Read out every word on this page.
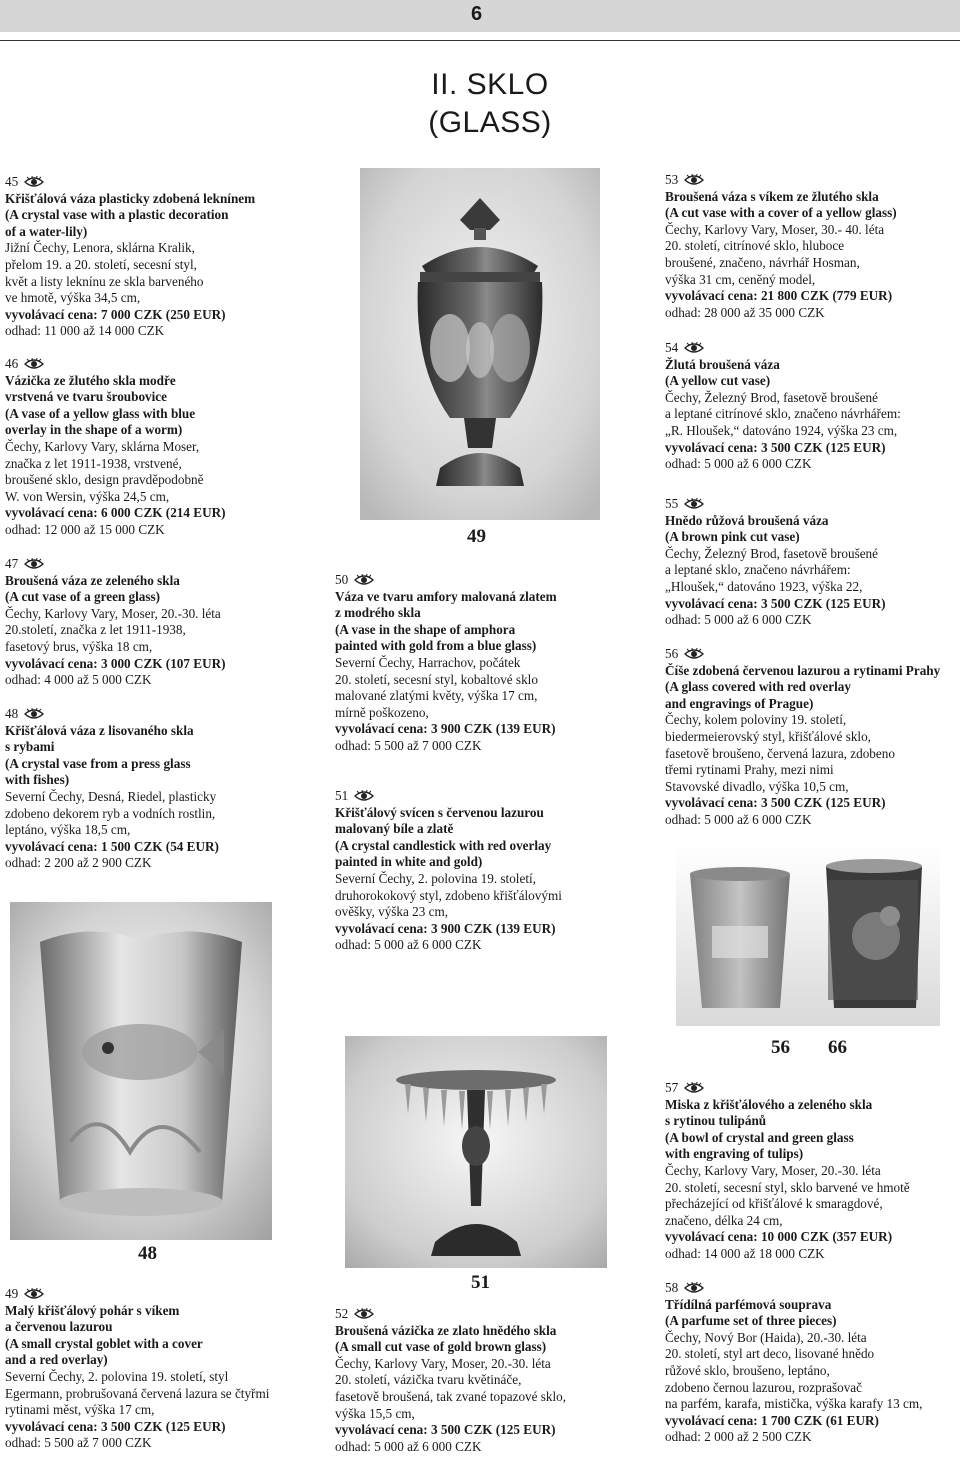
6
II. SKLO
(GLASS)
49
56 66
48
51
45
Křišťálová váza plasticky zdobená leknínem
(A crystal vase with a plastic decoration
of a water-lily)
Jižní Čechy, Lenora, sklárna Kralik,
přelom 19. a 20. století, secesní styl,
květ a listy leknínu ze skla barveného
ve hmotě, výška 34,5 cm,
vyvolávací cena: 7 000 CZK (250 EUR)
odhad: 11 000 až 14 000 CZK
46
Vázička ze žlutého skla modře
vrstvená ve tvaru šroubovice
(A vase of a yellow glass with blue
overlay in the shape of a worm)
Čechy, Karlovy Vary, sklárna Moser,
značka z let 1911-1938, vrstvené,
broušené sklo, design pravděpodobně
W. von Wersin, výška 24,5 cm,
vyvolávací cena: 6 000 CZK (214 EUR)
odhad: 12 000 až 15 000 CZK
47
Broušená váza ze zeleného skla
(A cut vase of a green glass)
Čechy, Karlovy Vary, Moser, 20.-30. léta
20.století, značka z let 1911-1938,
fasetový brus, výška 18 cm,
vyvolávací cena: 3 000 CZK (107 EUR)
odhad: 4 000 až 5 000 CZK
48
Křišťálová váza z lisovaného skla
s rybami
(A crystal vase from a press glass
with fishes)
Severní Čechy, Desná, Riedel, plasticky
zdobeno dekorem ryb a vodních rostlin,
leptáno, výška 18,5 cm,
vyvolávací cena: 1 500 CZK (54 EUR)
odhad: 2 200 až 2 900 CZK
49
Malý křišťálový pohár s víkem
a červenou lazurou
(A small crystal goblet with a cover
and a red overlay)
Severní Čechy, 2. polovina 19. století, styl
Egermann, probrušovaná červená lazura se čtyřmi
rytinami měst, výška 17 cm,
vyvolávací cena: 3 500 CZK (125 EUR)
odhad: 5 500 až 7 000 CZK
50
Váza ve tvaru amfory malovaná zlatem
z modrého skla
(A vase in the shape of amphora
painted with gold from a blue glass)
Severní Čechy, Harrachov, počátek
20. století, secesní styl, kobaltové sklo
malované zlatými květy, výška 17 cm,
mírně poškozeno,
vyvolávací cena: 3 900 CZK (139 EUR)
odhad: 5 500 až 7 000 CZK
51
Křišťálový svícen s červenou lazurou
malovaný bíle a zlatě
(A crystal candlestick with red overlay
painted in white and gold)
Severní Čechy, 2. polovina 19. století,
druhorokokový styl, zdobeno křišťálovými
ověšky, výška 23 cm,
vyvolávací cena: 3 900 CZK (139 EUR)
odhad: 5 000 až 6 000 CZK
52
Broušená vázička ze zlato hnědého skla
(A small cut vase of gold brown glass)
Čechy, Karlovy Vary, Moser, 20.-30. léta
20. století, vázička tvaru květináče,
fasetově broušená, tak zvané topazové sklo,
výška 15,5 cm,
vyvolávací cena: 3 500 CZK (125 EUR)
odhad: 5 000 až 6 000 CZK
53
Broušená váza s víkem ze žlutého skla
(A cut vase with a cover of a yellow glass)
Čechy, Karlovy Vary, Moser, 30.- 40. léta
20. století, citrínové sklo, hluboce
broušené, značeno, návrhář Hosman,
výška 31 cm, ceněný model,
vyvolávací cena: 21 800 CZK (779 EUR)
odhad: 28 000 až 35 000 CZK
54
Žlutá broušená váza
(A yellow cut vase)
Čechy, Železný Brod, fasetově broušené
a leptané citrínové sklo, značeno návrhářem:
„R. Hloušek,“ datováno 1924, výška 23 cm,
vyvolávací cena: 3 500 CZK (125 EUR)
odhad: 5 000 až 6 000 CZK
55
Hnědo růžová broušená váza
(A brown pink cut vase)
Čechy, Železný Brod, fasetově broušené
a leptané sklo, značeno návrhářem:
„Hloušek,“ datováno 1923, výška 22,
vyvolávací cena: 3 500 CZK (125 EUR)
odhad: 5 000 až 6 000 CZK
56
Číše zdobená červenou lazurou a rytinami Prahy
(A glass covered with red overlay
and engravings of Prague)
Čechy, kolem poloviny 19. století,
biedermeierovský styl, křišťálové sklo,
fasetově broušeno, červená lazura, zdobeno
třemi rytinami Prahy, mezi nimi
Stavovské divadlo, výška 10,5 cm,
vyvolávací cena: 3 500 CZK (125 EUR)
odhad: 5 000 až 6 000 CZK
57
Miska z křišťálového a zeleného skla
s rytinou tulipánů
(A bowl of crystal and green glass
with engraving of tulips)
Čechy, Karlovy Vary, Moser, 20.-30. léta
20. století, secesní styl, sklo barvené ve hmotě
přecházející od křišťálové k smaragdové,
značeno, délka 24 cm,
vyvolávací cena: 10 000 CZK (357 EUR)
odhad: 14 000 až 18 000 CZK
58
Třídílná parfémová souprava
(A parfume set of three pieces)
Čechy, Nový Bor (Haida), 20.-30. léta
20. století, styl art deco, lisované hnědo
růžové sklo, broušeno, leptáno,
zdobeno černou lazurou, rozprašovač
na parfém, karafa, mistička, výška karafy 13 cm,
vyvolávací cena: 1 700 CZK (61 EUR)
odhad: 2 000 až 2 500 CZK
